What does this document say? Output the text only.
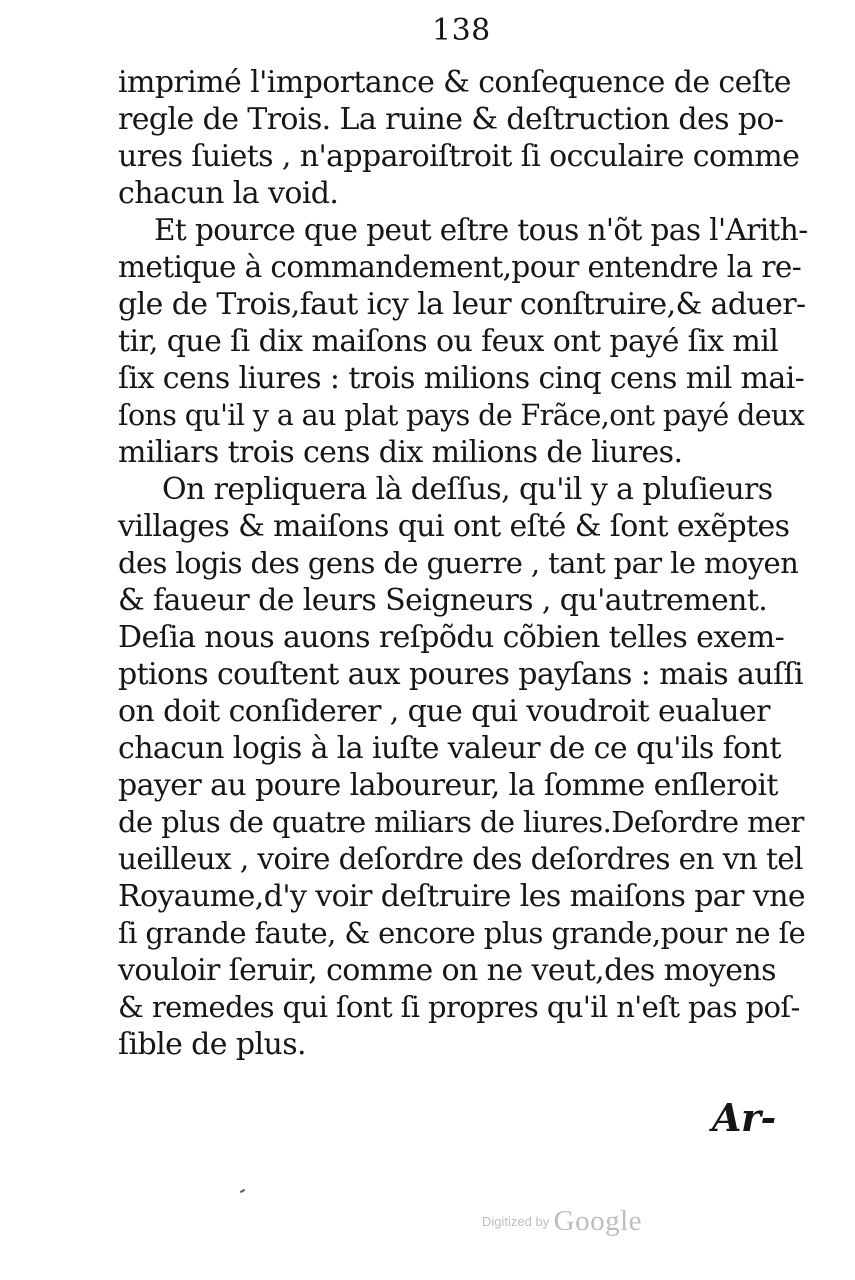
138
imprimé l'importance & conſequence de ceſte
regle de Trois. La ruine & deſtruction des po-
ures ſuiets , n'apparoiſtroit ſi occulaire comme
chacun la void.
Et pource que peut eſtre tous n'õt pas l'Arith-
metique à commandement,pour entendre la re-
gle de Trois,faut icy la leur conſtruire,& aduer-
tir, que ſi dix maiſons ou feux ont payé ſix mil
ſix cens liures : trois milions cinq cens mil mai-
ſons qu'il y a au plat pays de Frãce,ont payé deux
miliars trois cens dix milions de liures.
On repliquera là deſſus, qu'il y a pluſieurs
villages & maiſons qui ont eſté & ſont exẽptes
des logis des gens de guerre , tant par le moyen
& faueur de leurs Seigneurs , qu'autrement.
Deſia nous auons reſpõdu cõbien telles exem-
ptions couſtent aux poures payſans : mais auſſi
on doit conſiderer , que qui voudroit eualuer
chacun logis à la iuſte valeur de ce qu'ils font
payer au poure laboureur, la ſomme enſleroit
de plus de quatre miliars de liures.Deſordre mer
ueilleux , voire deſordre des deſordres en vn tel
Royaume,d'y voir deſtruire les maiſons par vne
ſi grande faute, & encore plus grande,pour ne ſe
vouloir ſeruir, comme on ne veut,des moyens
& remedes qui ſont ſi propres qu'il n'eſt pas poſ-
ſible de plus.
Ar-
$^{Digitized by}$ Google
